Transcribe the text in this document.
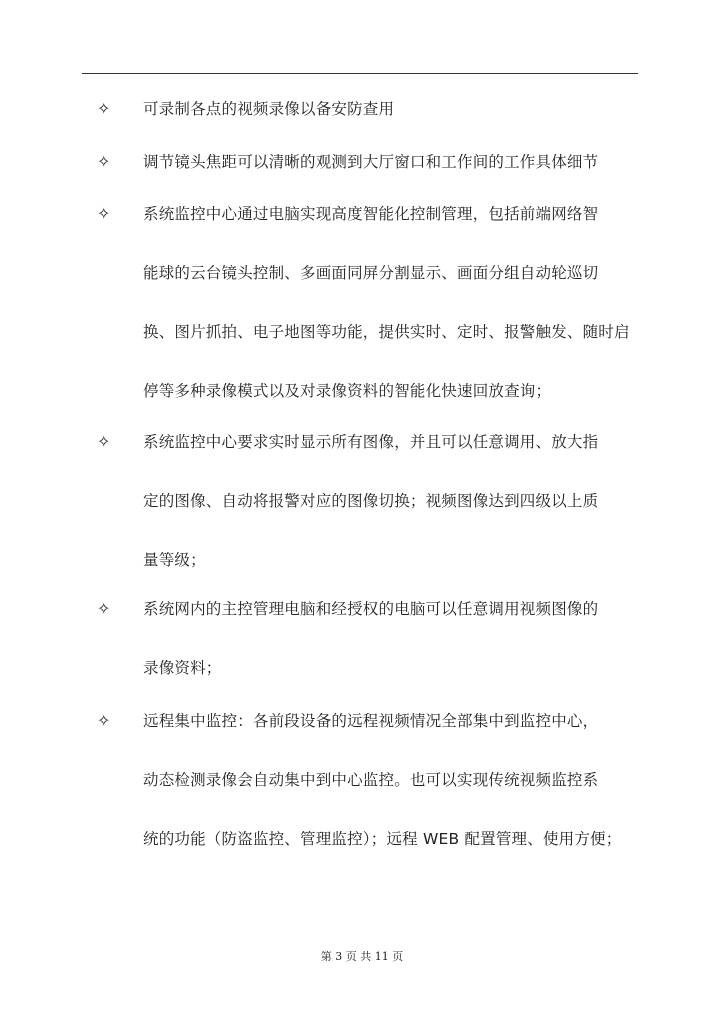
✧	可录制各点的视频录像以备安防查用
✧	调节镜头焦距可以清晰的观测到大厅窗口和工作间的工作具体细节
✧	系统监控中心通过电脑实现高度智能化控制管理，包括前端网络智
能球的云台镜头控制、多画面同屏分割显示、画面分组自动轮巡切
换、图片抓拍、电子地图等功能，提供实时、定时、报警触发、随时启
停等多种录像模式以及对录像资料的智能化快速回放查询；
✧	系统监控中心要求实时显示所有图像，并且可以任意调用、放大指
定的图像、自动将报警对应的图像切换；视频图像达到四级以上质
量等级；
✧	系统网内的主控管理电脑和经授权的电脑可以任意调用视频图像的
录像资料；
✧	远程集中监控：各前段设备的远程视频情况全部集中到监控中心，
动态检测录像会自动集中到中心监控。也可以实现传统视频监控系
统的功能（防盗监控、管理监控）；远程 WEB 配置管理、使用方便；
第 3 页 共 11 页
